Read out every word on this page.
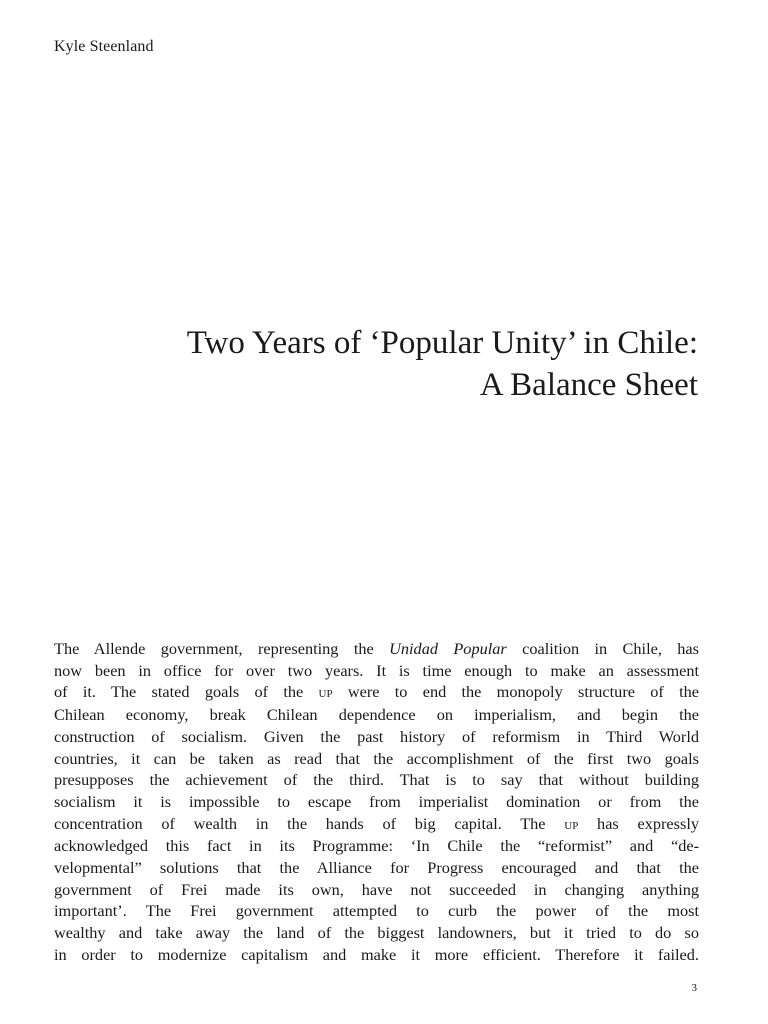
Kyle Steenland
Two Years of ‘Popular Unity’ in Chile:
A Balance Sheet
The Allende government, representing the Unidad Popular coalition in Chile, has
now been in office for over two years. It is time enough to make an assessment
of it. The stated goals of the up were to end the monopoly structure of the
Chilean economy, break Chilean dependence on imperialism, and begin the
construction of socialism. Given the past history of reformism in Third World
countries, it can be taken as read that the accomplishment of the first two goals
presupposes the achievement of the third. That is to say that without building
socialism it is impossible to escape from imperialist domination or from the
concentration of wealth in the hands of big capital. The up has expressly
acknowledged this fact in its Programme: ‘In Chile the “reformist” and “de-
velopmental” solutions that the Alliance for Progress encouraged and that the
government of Frei made its own, have not succeeded in changing anything
important’. The Frei government attempted to curb the power of the most
wealthy and take away the land of the biggest landowners, but it tried to do so
in order to modernize capitalism and make it more efficient. Therefore it failed.
3
